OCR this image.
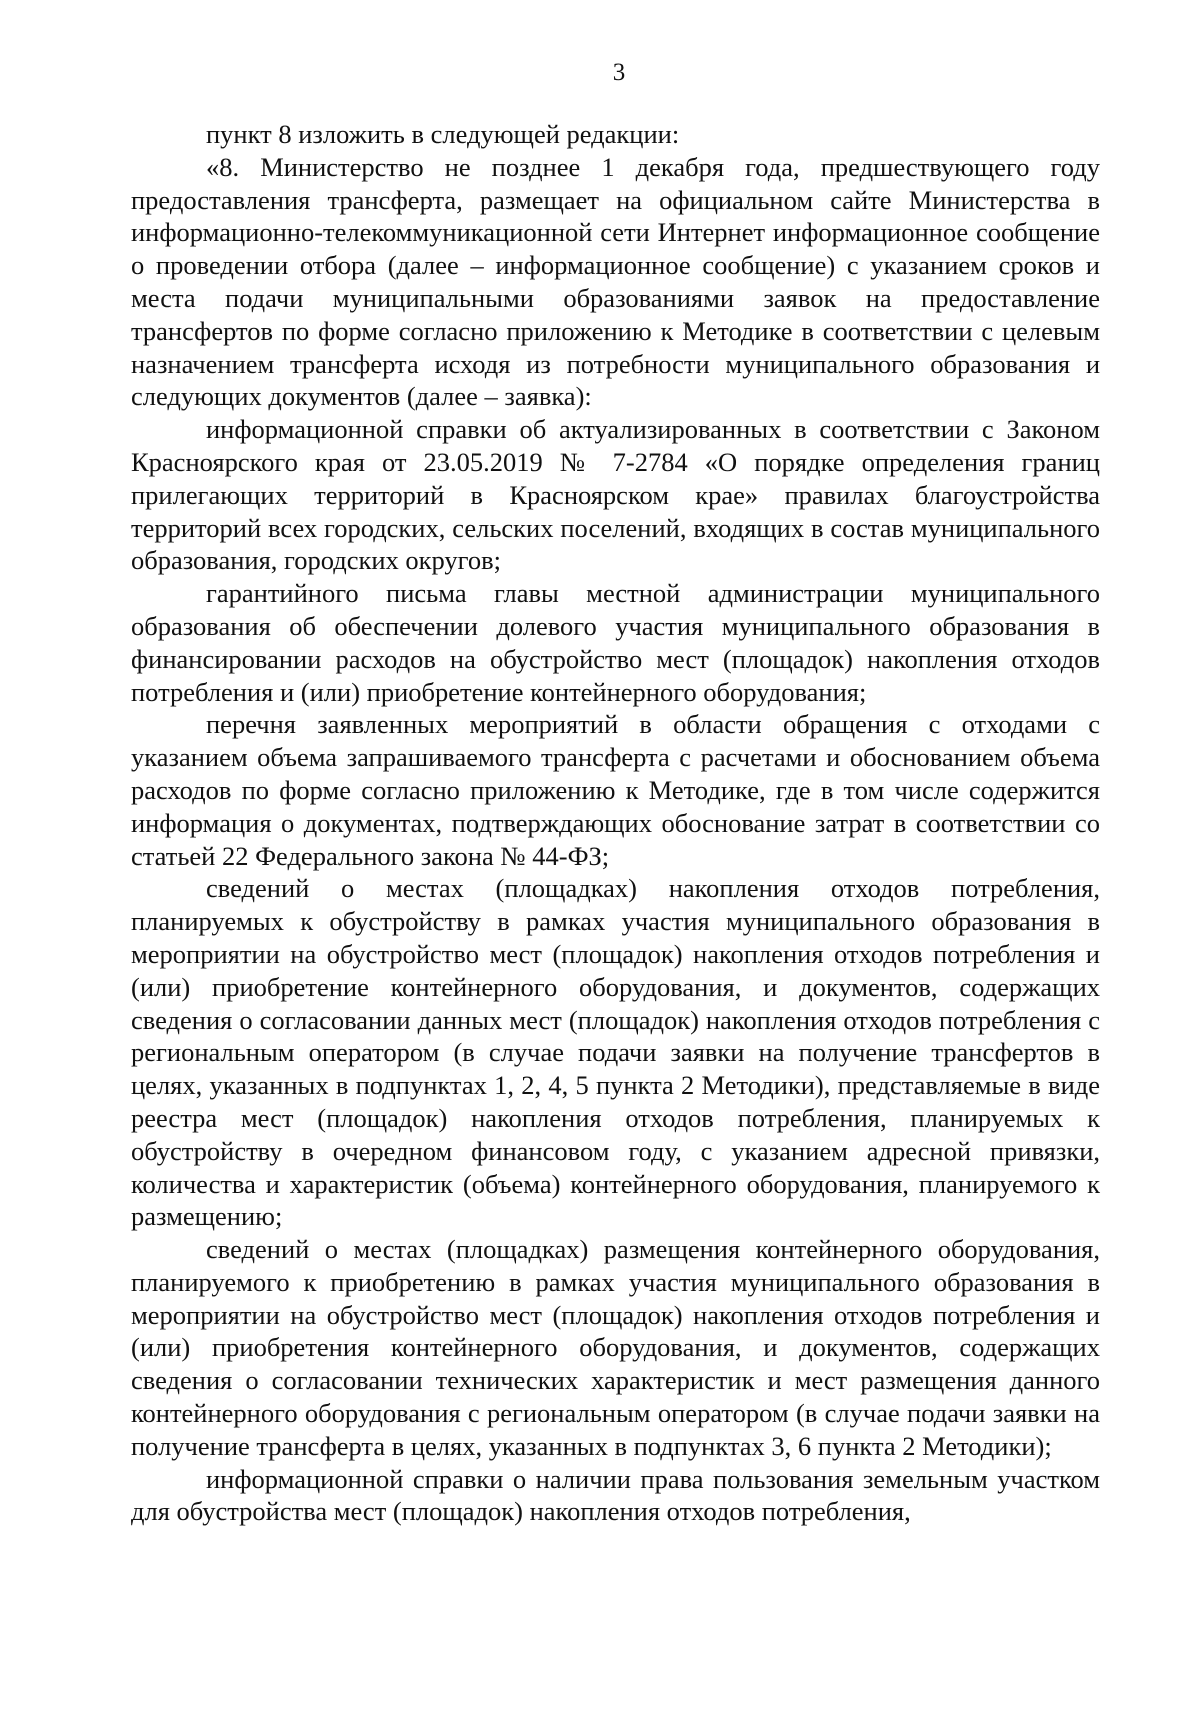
3

пункт 8 изложить в следующей редакции:

«8. Министерство не позднее 1 декабря года, предшествующего году предоставления трансферта, размещает на официальном сайте Министерства в информационно-телекоммуникационной сети Интернет информационное сообщение о проведении отбора (далее – информационное сообщение) с указанием сроков и места подачи муниципальными образованиями заявок на предоставление трансфертов по форме согласно приложению к Методике в соответствии с целевым назначением трансферта исходя из потребности муниципального образования и следующих документов (далее – заявка):

информационной справки об актуализированных в соответствии с Законом Красноярского края от 23.05.2019 № 7-2784 «О порядке определения границ прилегающих территорий в Красноярском крае» правилах благоустройства территорий всех городских, сельских поселений, входящих в состав муниципального образования, городских округов;

гарантийного письма главы местной администрации муниципального образования об обеспечении долевого участия муниципального образования в финансировании расходов на обустройство мест (площадок) накопления отходов потребления и (или) приобретение контейнерного оборудования;

перечня заявленных мероприятий в области обращения с отходами с указанием объема запрашиваемого трансферта с расчетами и обоснованием объема расходов по форме согласно приложению к Методике, где в том числе содержится информация о документах, подтверждающих обоснование затрат в соответствии со статьей 22 Федерального закона № 44-ФЗ;

сведений о местах (площадках) накопления отходов потребления, планируемых к обустройству в рамках участия муниципального образования в мероприятии на обустройство мест (площадок) накопления отходов потребления и (или) приобретение контейнерного оборудования, и документов, содержащих сведения о согласовании данных мест (площадок) накопления отходов потребления с региональным оператором (в случае подачи заявки на получение трансфертов в целях, указанных в подпунктах 1, 2, 4, 5 пункта 2 Методики), представляемые в виде реестра мест (площадок) накопления отходов потребления, планируемых к обустройству в очередном финансовом году, с указанием адресной привязки, количества и характеристик (объема) контейнерного оборудования, планируемого к размещению;

сведений о местах (площадках) размещения контейнерного оборудования, планируемого к приобретению в рамках участия муниципального образования в мероприятии на обустройство мест (площадок) накопления отходов потребления и (или) приобретения контейнерного оборудования, и документов, содержащих сведения о согласовании технических характеристик и мест размещения данного контейнерного оборудования с региональным оператором (в случае подачи заявки на получение трансферта в целях, указанных в подпунктах 3, 6 пункта 2 Методики);

информационной справки о наличии права пользования земельным участком для обустройства мест (площадок) накопления отходов потребления,
